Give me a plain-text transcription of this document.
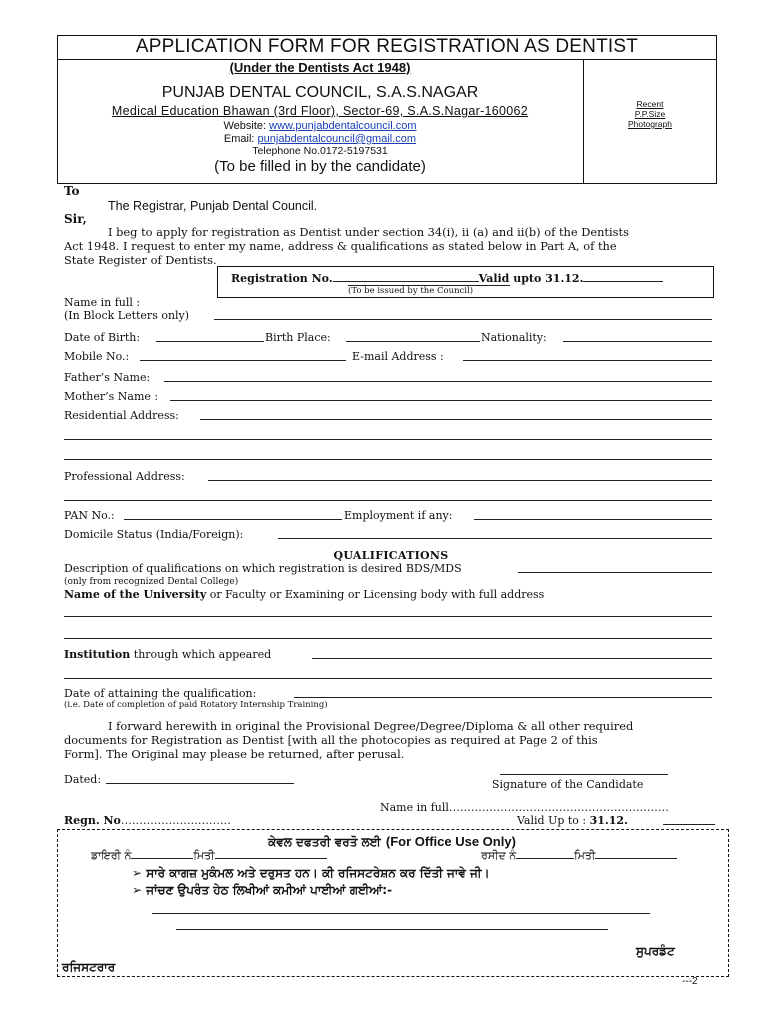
APPLICATION FORM FOR REGISTRATION AS DENTIST
(Under the Dentists Act 1948)
PUNJAB DENTAL COUNCIL, S.A.S.NAGAR
Medical Education Bhawan (3rd Floor), Sector-69, S.A.S.Nagar-160062
Website: www.punjabdentalcouncil.com
Email: punjabdentalcouncil@gmail.com
Telephone No.0172-5197531
(To be filled in by the candidate)
Recent
P.P.Size
Photograph
To
The Registrar, Punjab Dental Council.
Sir,
I beg to apply for registration as Dentist under section 34(i), ii (a) and ii(b) of the Dentists
Act 1948. I request to enter my name, address & qualifications as stated below in Part A, of the
State Register of Dentists.
Registration No.	Valid upto 31.12.
(To be issued by the Council)
Name in full :
(In Block Letters only)
Date of Birth:	Birth Place:	Nationality:
Mobile No.:	E-mail Address :
Father’s Name:
Mother’s Name :
Residential Address:
Professional Address:
PAN No.:	Employment if any:
Domicile Status (India/Foreign):
QUALIFICATIONS
Description of qualifications on which registration is desired BDS/MDS
(only from recognized Dental College)
Name of the University or Faculty or Examining or Licensing body with full address
Institution through which appeared
Date of attaining the qualification:
(i.e. Date of completion of paid Rotatory Internship Training)
I forward herewith in original the Provisional Degree/Degree/Diploma & all other required
documents for Registration as Dentist [with all the photocopies as required at Page 2 of this
Form]. The Original may please be returned, after perusal.
Dated:	Signature of the Candidate
Name in full……………………………………………………
Regn. No…………………………	Valid Up to : 31.12.
ਕੇਵਲ ਦਫਤਰੀ ਵਰਤੋ ਲਈ (For Office Use Only)
ਡਾਇਰੀ ਨੰ	ਮਿਤੀ	ਰਸੀਦ ਨੰ	ਮਿਤੀ
➢ ਸਾਰੇ ਕਾਗਜ਼ ਮੁਕੰਮਲ ਅਤੇ ਦਰੁਸਤ ਹਨ। ਕੀ ਰਜਿਸਟਰੇਸ਼ਨ ਕਰ ਦਿੱਤੀ ਜਾਵੇ ਜੀ।
➢ ਜਾਂਚਣ ਉਪਰੰਤ ਹੇਠ ਲਿਖੀਆਂ ਕਮੀਆਂ ਪਾਈਆਂ ਗਈਆਂ:-
ਸੁਪਰਡੰਟ
ਰਜਿਸਟਰਾਰ
---2
